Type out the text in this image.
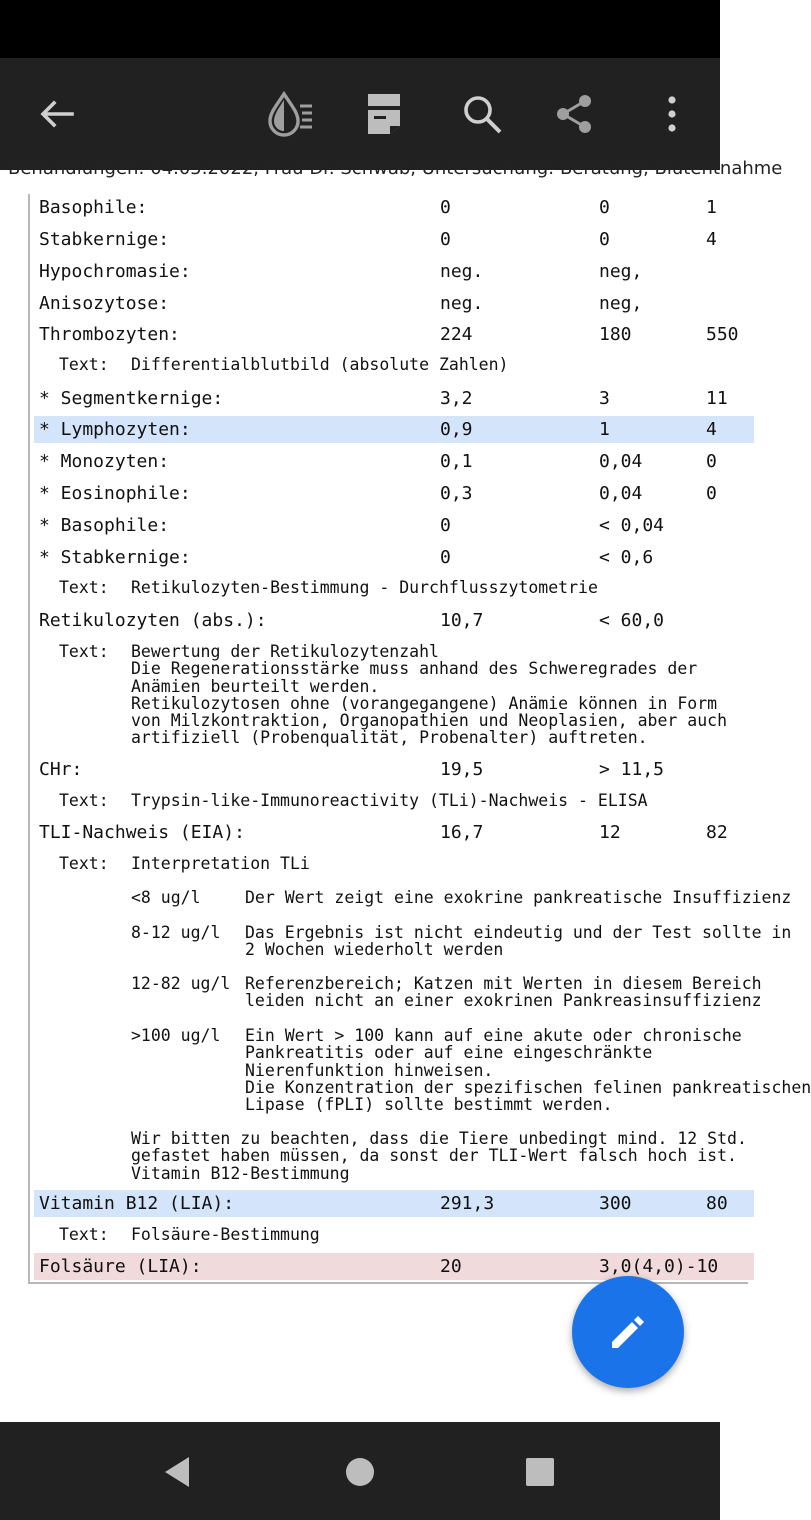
Behandlungen: 04.05.2022, Frau Dr. Schwab, Untersuchung: Beratung, Blutentnahme
Basophile:	0	0	1
Stabkernige:	0	0	4
Hypochromasie:	neg.	neg,
Anisozytose:	neg.	neg,
Thrombozyten:	224	180	550
Text: Differentialblutbild (absolute Zahlen)
* Segmentkernige:	3,2	3	11
* Lymphozyten:	0,9	1	4
* Monozyten:	0,1	0,04	0
* Eosinophile:	0,3	0,04	0
* Basophile:	0	< 0,04
* Stabkernige:	0	< 0,6
Text: Retikulozyten-Bestimmung - Durchflusszytometrie
Retikulozyten (abs.):	10,7	< 60,0
Text: Bewertung der Retikulozytenzahl
Die Regenerationsstärke muss anhand des Schweregrades der
Anämien beurteilt werden.
Retikulozytosen ohne (vorangegangene) Anämie können in Form
von Milzkontraktion, Organopathien und Neoplasien, aber auch
artifiziell (Probenqualität, Probenalter) auftreten.
CHr:	19,5	> 11,5
Text: Trypsin-like-Immunoreactivity (TLi)-Nachweis - ELISA
TLI-Nachweis (EIA):	16,7	12	82
Text: Interpretation TLi
<8 ug/l	Der Wert zeigt eine exokrine pankreatische Insuffizienz
8-12 ug/l Das Ergebnis ist nicht eindeutig und der Test sollte in
2 Wochen wiederholt werden
12-82 ug/l Referenzbereich; Katzen mit Werten in diesem Bereich
leiden nicht an einer exokrinen Pankreasinsuffizienz
>100 ug/l Ein Wert > 100 kann auf eine akute oder chronische
Pankreatitis oder auf eine eingeschränkte
Nierenfunktion hinweisen.
Die Konzentration der spezifischen felinen pankreatischen
Lipase (fPLI) sollte bestimmt werden.
Wir bitten zu beachten, dass die Tiere unbedingt mind. 12 Std.
gefastet haben müssen, da sonst der TLI-Wert falsch hoch ist.
Vitamin B12-Bestimmung
Vitamin B12 (LIA):	291,3	300	80
Text: Folsäure-Bestimmung
Folsäure (LIA):	20	3,0(4,0)-10
